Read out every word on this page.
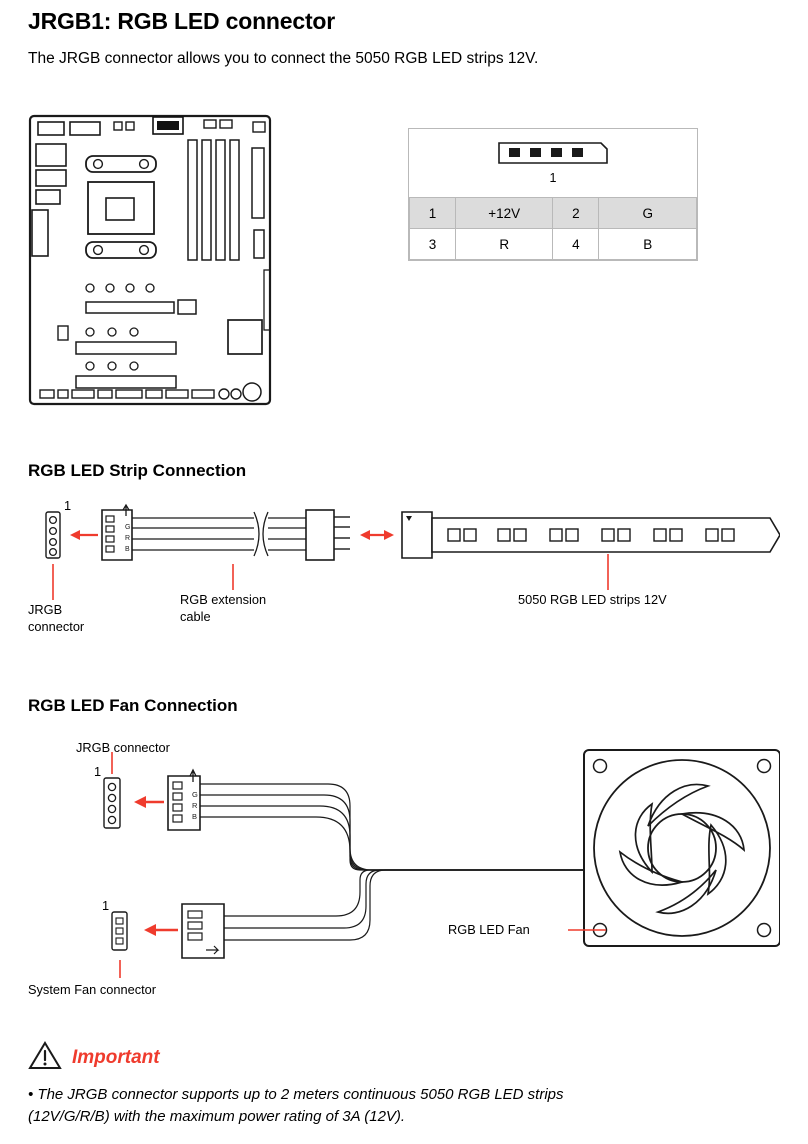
JRGB1: RGB LED connector

The JRGB connector allows you to connect the 5050 RGB LED strips 12V.

1
1	+12V	2	G
3	R	4	B
RGB LED Strip Connection
G
R
B
1
JRGB
connector
RGB extension
cable
5050 RGB LED strips 12V
RGB LED Fan Connection
G
R
B
JRGB connector
1
1
System Fan connector
RGB LED Fan
Important
• The JRGB connector supports up to 2 meters continuous 5050 RGB LED strips
(12V/G/R/B) with the maximum power rating of 3A (12V).
